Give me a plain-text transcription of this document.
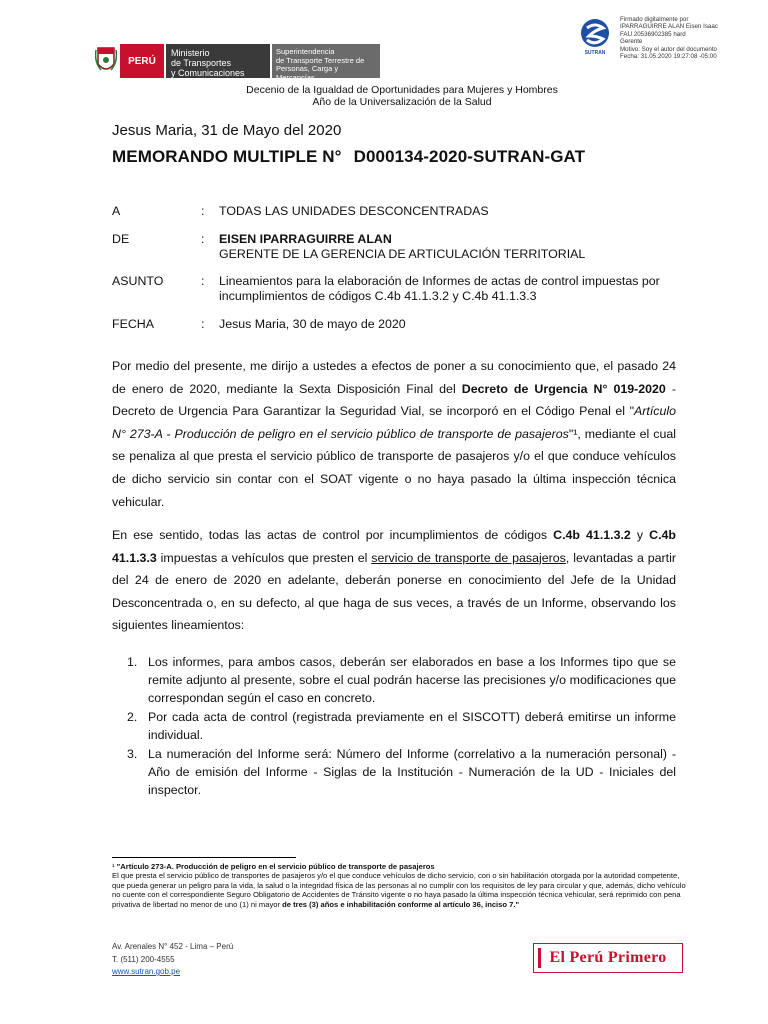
PERÚ
Ministerio
de Transportes
y Comunicaciones
Superintendencia
de Transporte Terrestre de
Personas, Carga y Mercancías
SUTRAN
Firmado digitalmente por
IPARRAGUIRRE ALAN Eisen Isaac
FAU 20536902385 hard
Gerente
Motivo: Soy el autor del documento
Fecha: 31.05.2020 19:27:08 -05:00
Decenio de la Igualdad de Oportunidades para Mujeres y Hombres
Año de la Universalización de la Salud
Jesus Maria, 31 de Mayo del 2020
MEMORANDO MULTIPLE N° D000134-2020-SUTRAN-GAT
A	: TODAS LAS UNIDADES DESCONCENTRADAS
DE	: EISEN IPARRAGUIRRE ALAN
GERENTE DE LA GERENCIA DE ARTICULACIÓN TERRITORIAL
ASUNTO	: Lineamientos para la elaboración de Informes de actas de control impuestas por incumplimientos de códigos C.4b 41.1.3.2 y C.4b 41.1.3.3
FECHA	: Jesus Maria, 30 de mayo de 2020
Por medio del presente, me dirijo a ustedes a efectos de poner a su conocimiento que, el pasado 24 de enero de 2020, mediante la Sexta Disposición Final del Decreto de Urgencia N° 019-2020 - Decreto de Urgencia Para Garantizar la Seguridad Vial, se incorporó en el Código Penal el "Artículo N° 273-A - Producción de peligro en el servicio público de transporte de pasajeros"¹, mediante el cual se penaliza al que presta el servicio público de transporte de pasajeros y/o el que conduce vehículos de dicho servicio sin contar con el SOAT vigente o no haya pasado la última inspección técnica vehicular.
En ese sentido, todas las actas de control por incumplimientos de códigos C.4b 41.1.3.2 y C.4b 41.1.3.3 impuestas a vehículos que presten el servicio de transporte de pasajeros, levantadas a partir del 24 de enero de 2020 en adelante, deberán ponerse en conocimiento del Jefe de la Unidad Desconcentrada o, en su defecto, al que haga de sus veces, a través de un Informe, observando los siguientes lineamientos:
1. Los informes, para ambos casos, deberán ser elaborados en base a los Informes tipo que se remite adjunto al presente, sobre el cual podrán hacerse las precisiones y/o modificaciones que correspondan según el caso en concreto.
2. Por cada acta de control (registrada previamente en el SISCOTT) deberá emitirse un informe individual.
3. La numeración del Informe será: Número del Informe (correlativo a la numeración personal) - Año de emisión del Informe - Siglas de la Institución - Numeración de la UD - Iniciales del inspector.
¹ "Artículo 273-A. Producción de peligro en el servicio público de transporte de pasajeros
El que presta el servicio público de transportes de pasajeros y/o el que conduce vehículos de dicho servicio, con o sin habilitación otorgada por la autoridad competente, que pueda generar un peligro para la vida, la salud o la integridad física de las personas al no cumplir con los requisitos de ley para circular y que, además, dicho vehículo no cuente con el correspondiente Seguro Obligatorio de Accidentes de Tránsito vigente o no haya pasado la última inspección técnica vehicular, será reprimido con pena privativa de libertad no menor de uno (1) ni mayor de tres (3) años e inhabilitación conforme al artículo 36, inciso 7."
Av. Arenales N° 452 - Lima – Perú
T. (511) 200-4555
www.sutran.gob.pe
El Perú Primero
